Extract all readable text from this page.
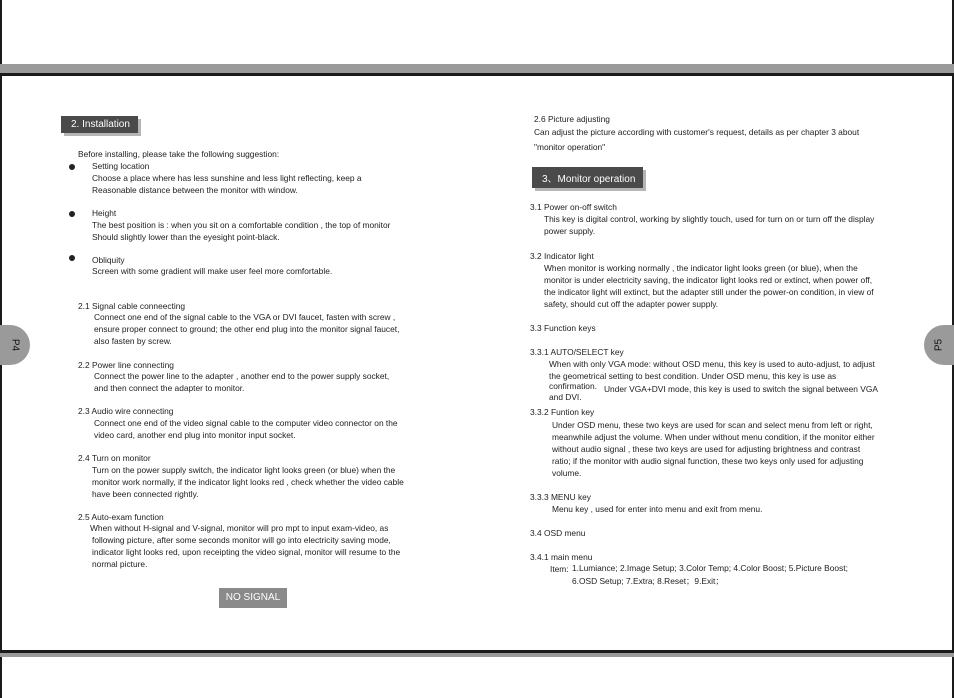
P4	P5
2. Installation
Before installing, please take the following suggestion:
Setting location
Choose a place where has less sunshine and less light reflecting, keep a
Reasonable distance between the monitor with window.
Height
The best position is : when you sit on a comfortable condition , the top of monitor
Should slightly lower than the eyesight point-black.
Obliquity
Screen with some gradient will make user feel more comfortable.
2.1 Signal cable conneecting
Connect one end of the signal cable to the VGA or DVI faucet, fasten with screw ,
ensure proper connect to ground; the other end plug into the monitor signal faucet,
also fasten by screw.
2.2 Power line connecting
Connect the power line to the adapter , another end to the power supply socket,
and then connect the adapter to monitor.
2.3 Audio wire connecting
Connect one end of the video signal cable to the computer video connector on the
video card, another end plug into monitor input socket.
2.4 Turn on monitor
Turn on the power supply switch, the indicator light looks green (or blue) when the
monitor work normally, if the indicator light looks red , check whether the video cable
have been connected rightly.
2.5 Auto-exam function
When without H-signal and V-signal, monitor will pro mpt to input exam-video, as
following picture, after some seconds monitor will go into electricity saving mode,
indicator light looks red, upon receipting the video signal, monitor will resume to the
normal picture.
NO SIGNAL
2.6 Picture adjusting
Can adjust the picture according with customer's request, details as per chapter 3 about
"monitor operation"
3、Monitor operation
3.1 Power on-off switch
This key is digital control, working by slightly touch, used for turn on or turn off the display
power supply.
3.2 Indicator light
When monitor is working normally , the indicator light looks green (or blue), when the
monitor is under electricity saving, the indicator light looks red or extinct, when power off,
the indicator light will extinct, but the adapter still under the power-on condition, in view of
safety, should cut off the adapter power supply.
3.3 Function keys
3.3.1 AUTO/SELECT key
When with only VGA mode: without OSD menu, this key is used to auto-adjust, to adjust
the geometrical setting to best condition. Under OSD menu, this key is use as
confirmation. Under VGA+DVI mode, this key is used to switch the signal between VGA
and DVI.
3.3.2 Funtion key
Under OSD menu, these two keys are used for scan and select menu from left or right,
meanwhile adjust the volume. When under without menu condition, if the monitor either
without audio signal , these two keys are used for adjusting brightness and contrast
ratio; if the monitor with audio signal function, these two keys only used for adjusting
volume.
3.3.3 MENU key
Menu key , used for enter into menu and exit from menu.
3.4 OSD menu
3.4.1 main menu
Item: 1.Lumiance; 2.Image Setup; 3.Color Temp; 4.Color Boost; 5.Picture Boost;
6.OSD Setup; 7.Extra; 8.Reset；9.Exit；
